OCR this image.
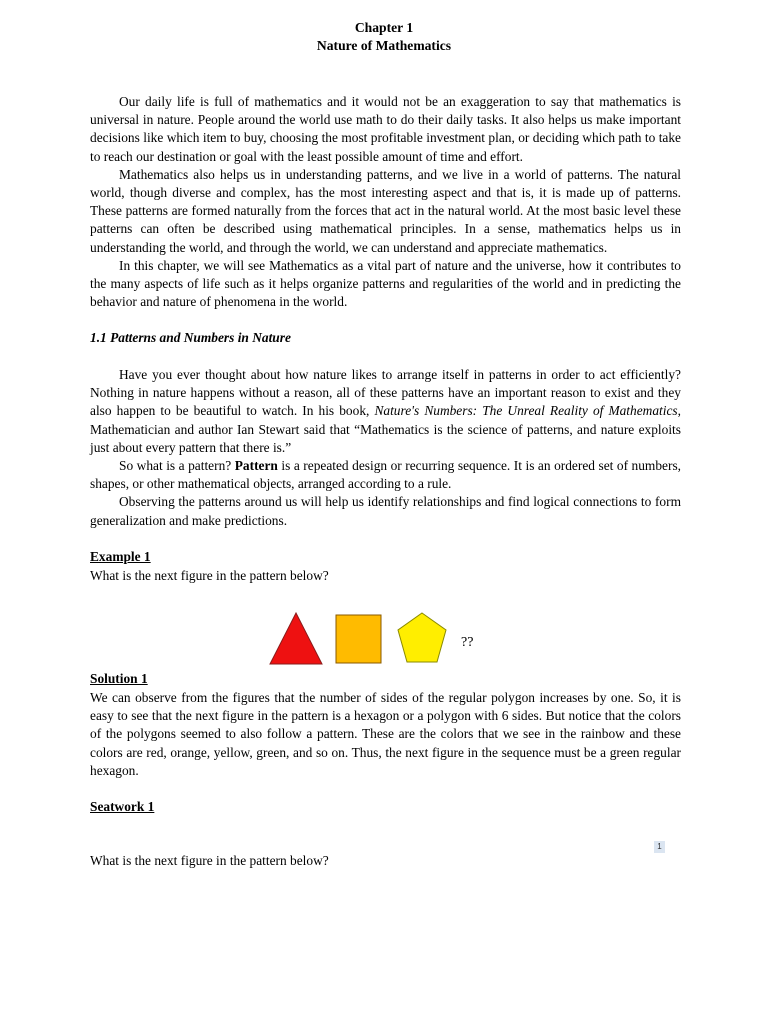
Chapter 1
Nature of Mathematics

Our daily life is full of mathematics and it would not be an exaggeration to say that mathematics is universal in nature. People around the world use math to do their daily tasks. It also helps us make important decisions like which item to buy, choosing the most profitable investment plan, or deciding which path to take to reach our destination or goal with the least possible amount of time and effort.

Mathematics also helps us in understanding patterns, and we live in a world of patterns. The natural world, though diverse and complex, has the most interesting aspect and that is, it is made up of patterns. These patterns are formed naturally from the forces that act in the natural world. At the most basic level these patterns can often be described using mathematical principles. In a sense, mathematics helps us in understanding the world, and through the world, we can understand and appreciate mathematics.

In this chapter, we will see Mathematics as a vital part of nature and the universe, how it contributes to the many aspects of life such as it helps organize patterns and regularities of the world and in predicting the behavior and nature of phenomena in the world.

1.1 Patterns and Numbers in Nature

Have you ever thought about how nature likes to arrange itself in patterns in order to act efficiently? Nothing in nature happens without a reason, all of these patterns have an important reason to exist and they also happen to be beautiful to watch. In his book, Nature's Numbers: The Unreal Reality of Mathematics, Mathematician and author Ian Stewart said that “Mathematics is the science of patterns, and nature exploits just about every pattern that there is.”

So what is a pattern? Pattern is a repeated design or recurring sequence. It is an ordered set of numbers, shapes, or other mathematical objects, arranged according to a rule.

Observing the patterns around us will help us identify relationships and find logical connections to form generalization and make predictions.

Example 1
What is the next figure in the pattern below?
??
Solution 1
We can observe from the figures that the number of sides of the regular polygon increases by one. So, it is easy to see that the next figure in the pattern is a hexagon or a polygon with 6 sides. But notice that the colors of the polygons seemed to also follow a pattern. These are the colors that we see in the rainbow and these colors are red, orange, yellow, green, and so on. Thus, the next figure in the sequence must be a green regular hexagon.
Seatwork 1
1
What is the next figure in the pattern below?
